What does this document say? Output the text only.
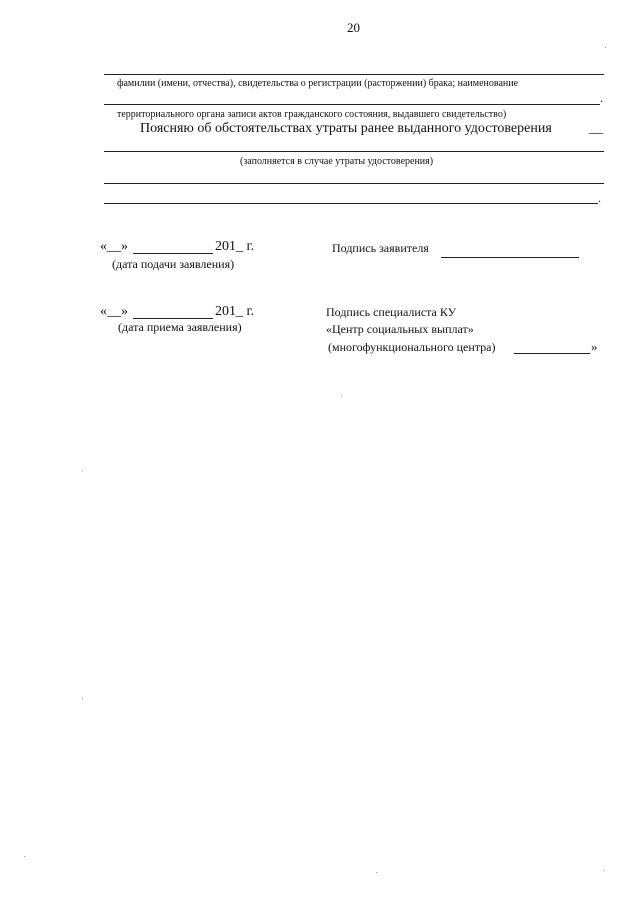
20
фамилии (имени, отчества), свидетельства о регистрации (расторжении) брака; наименование
.
территориального органа записи актов гражданского состояния, выдавшего свидетельство)
Поясняю об обстоятельствах утраты ранее выданного удостоверения	__
(заполняется в случае утраты удостоверения)
.
«__»	201_ г.
(дата подачи заявления)
Подпись заявителя
«__»	201_ г.
(дата приема заявления)
Подпись специалиста КУ
«Центр социальных выплат»
(многофункционального центра)	»
